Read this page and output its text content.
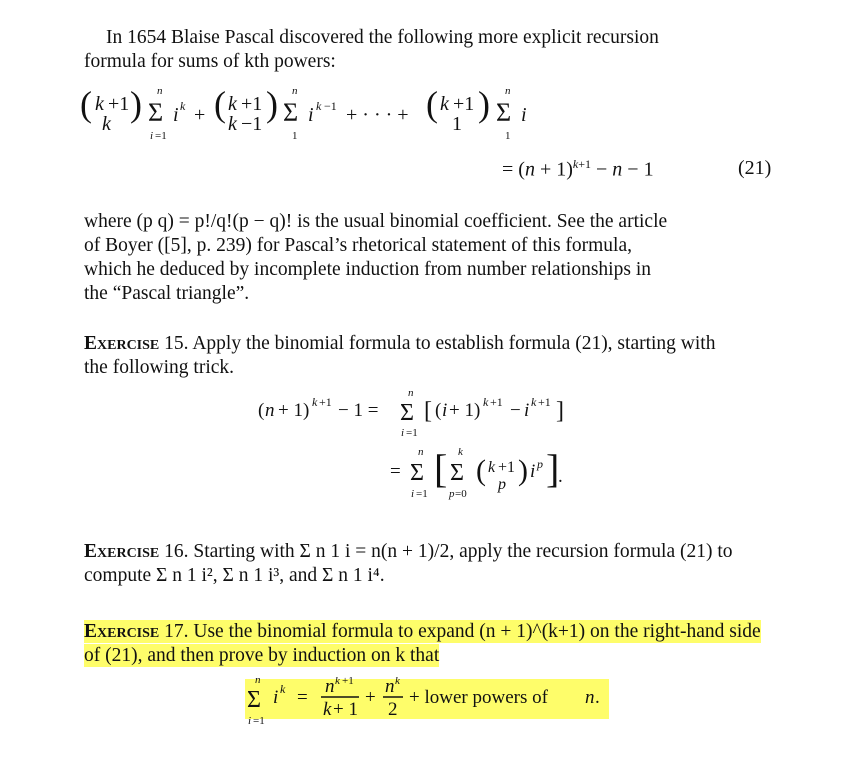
In 1654 Blaise Pascal discovered the following more explicit recursion
formula for sums of kth powers:
( k +1
k ) n
Σ
i =1
i k + ( k +1
k −1 ) n
Σ
1
i k −1 + · · · + ( k +1
1 ) n
Σ
1
i
= $(n + 1)^{k+1} - n - 1$	(21)
where (p q) = p!/q!(p − q)! is the usual binomial coefficient. See the article
of Boyer ([5], p. 239) for Pascal’s rhetorical statement of this formula,
which he deduced by incomplete induction from number relationships in
the “Pascal triangle”.
Exercise 15. Apply the binomial formula to establish formula (21), starting with
the following trick.
( n + 1) k +1 − 1 =
n
Σ
i =1
[ ( i + 1) k +1 − i k +1 ]
=
n
Σ
i =1
[ k
Σ
p =0
( k +1
p ) i p ]
.
Exercise 16. Starting with Σ n 1 i = n(n + 1)/2, apply the recursion formula (21) to
compute Σ n 1 i², Σ n 1 i³, and Σ n 1 i⁴.
Exercise 17. Use the binomial formula to expand (n + 1)^(k+1) on the right-hand side
of (21), and then prove by induction on k that
n
Σ
i =1
i k =
n k +1
k + 1
+
n k
2
+ lower powers of n .
